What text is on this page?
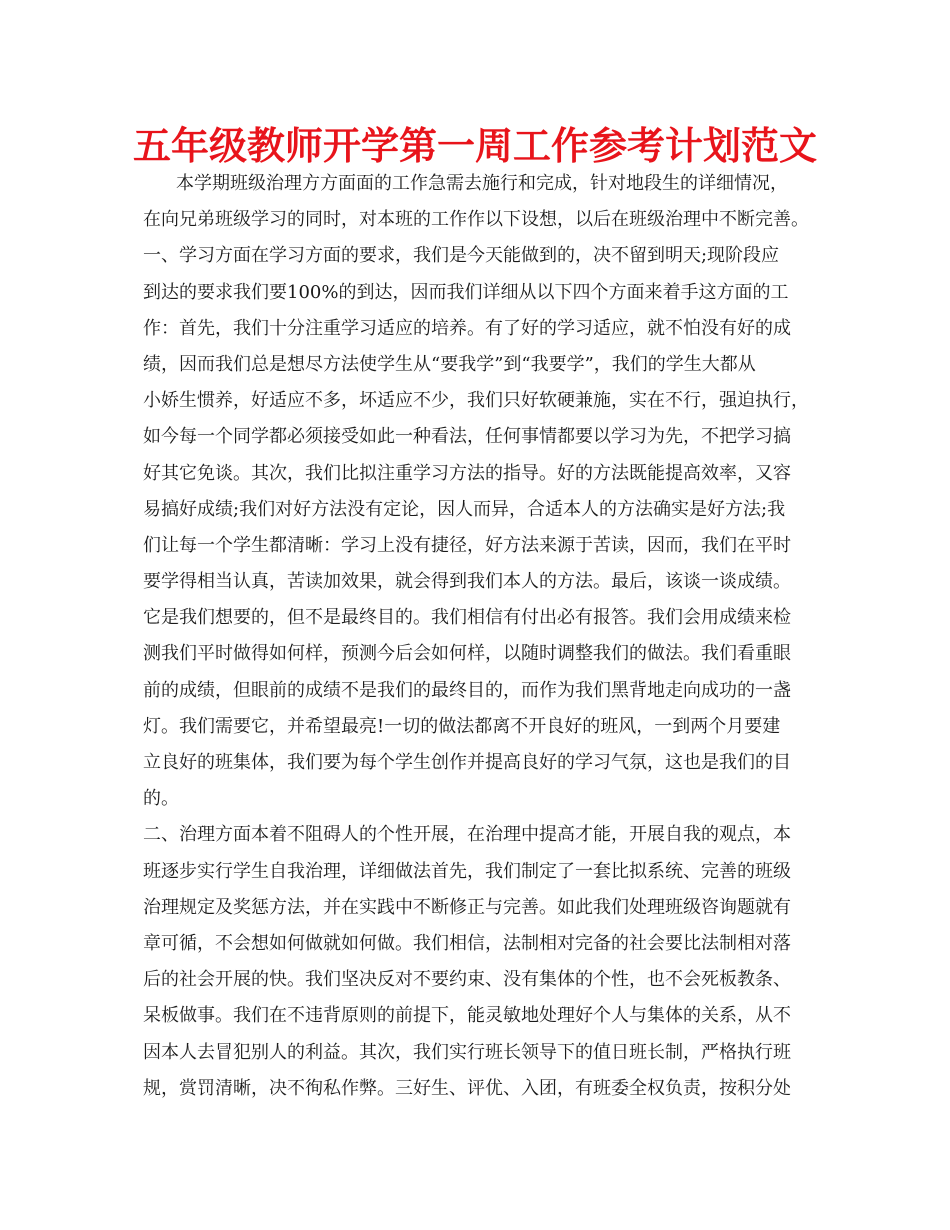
五年级教师开学第一周工作参考计划范文
本学期班级治理方方面面的工作急需去施行和完成，针对地段生的详细情况，
在向兄弟班级学习的同时，对本班的工作作以下设想，以后在班级治理中不断完善。
一、学习方面在学习方面的要求，我们是今天能做到的，决不留到明天;现阶段应
到达的要求我们要100%的到达，因而我们详细从以下四个方面来着手这方面的工
作：首先，我们十分注重学习适应的培养。有了好的学习适应，就不怕没有好的成
绩，因而我们总是想尽方法使学生从“要我学”到“我要学”，我们的学生大都从
小娇生惯养，好适应不多，坏适应不少，我们只好软硬兼施，实在不行，强迫执行，
如今每一个同学都必须接受如此一种看法，任何事情都要以学习为先，不把学习搞
好其它免谈。其次，我们比拟注重学习方法的指导。好的方法既能提高效率，又容
易搞好成绩;我们对好方法没有定论，因人而异，合适本人的方法确实是好方法;我
们让每一个学生都清晰：学习上没有捷径，好方法来源于苦读，因而，我们在平时
要学得相当认真，苦读加效果，就会得到我们本人的方法。最后，该谈一谈成绩。
它是我们想要的，但不是最终目的。我们相信有付出必有报答。我们会用成绩来检
测我们平时做得如何样，预测今后会如何样，以随时调整我们的做法。我们看重眼
前的成绩，但眼前的成绩不是我们的最终目的，而作为我们黑背地走向成功的一盏
灯。我们需要它，并希望最亮!一切的做法都离不开良好的班风，一到两个月要建
立良好的班集体，我们要为每个学生创作并提高良好的学习气氛，这也是我们的目
的。
二、治理方面本着不阻碍人的个性开展，在治理中提高才能，开展自我的观点，本
班逐步实行学生自我治理，详细做法首先，我们制定了一套比拟系统、完善的班级
治理规定及奖惩方法，并在实践中不断修正与完善。如此我们处理班级咨询题就有
章可循，不会想如何做就如何做。我们相信，法制相对完备的社会要比法制相对落
后的社会开展的快。我们坚决反对不要约束、没有集体的个性，也不会死板教条、
呆板做事。我们在不违背原则的前提下，能灵敏地处理好个人与集体的关系，从不
因本人去冒犯别人的利益。其次，我们实行班长领导下的值日班长制，严格执行班
规，赏罚清晰，决不徇私作弊。三好生、评优、入团，有班委全权负责，按积分处
